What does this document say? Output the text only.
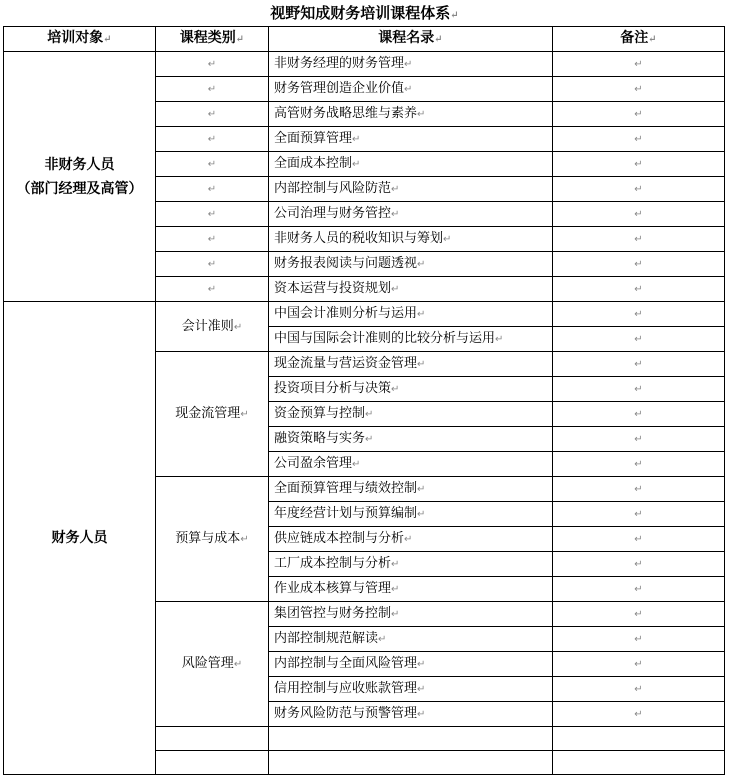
视野知成财务培训课程体系↵
培训对象↵	课程类别↵	课程名录↵	备注↵

非财务人员
（部门经理及高管）	↵	非财务经理的财务管理↵	↵
	↵	财务管理创造企业价值↵	↵
	↵	高管财务战略思维与素养↵	↵
	↵	全面预算管理↵	↵
	↵	全面成本控制↵	↵
	↵	内部控制与风险防范↵	↵
	↵	公司治理与财务管控↵	↵
	↵	非财务人员的税收知识与筹划↵	↵
	↵	财务报表阅读与问题透视↵	↵
	↵	资本运营与投资规划↵	↵

财务人员	会计准则↵	中国会计准则分析与运用↵	↵
		中国与国际会计准则的比较分析与运用↵	↵
	现金流管理↵	现金流量与营运资金管理↵	↵
		投资项目分析与决策↵	↵
		资金预算与控制↵	↵
		融资策略与实务↵	↵
		公司盈余管理↵	↵
	预算与成本↵	全面预算管理与绩效控制↵	↵
		年度经营计划与预算编制↵	↵
		供应链成本控制与分析↵	↵
		工厂成本控制与分析↵	↵
		作业成本核算与管理↵	↵
	风险管理↵	集团管控与财务控制↵	↵
		内部控制规范解读↵	↵
		内部控制与全面风险管理↵	↵
		信用控制与应收账款管理↵	↵
		财务风险防范与预警管理↵	↵
